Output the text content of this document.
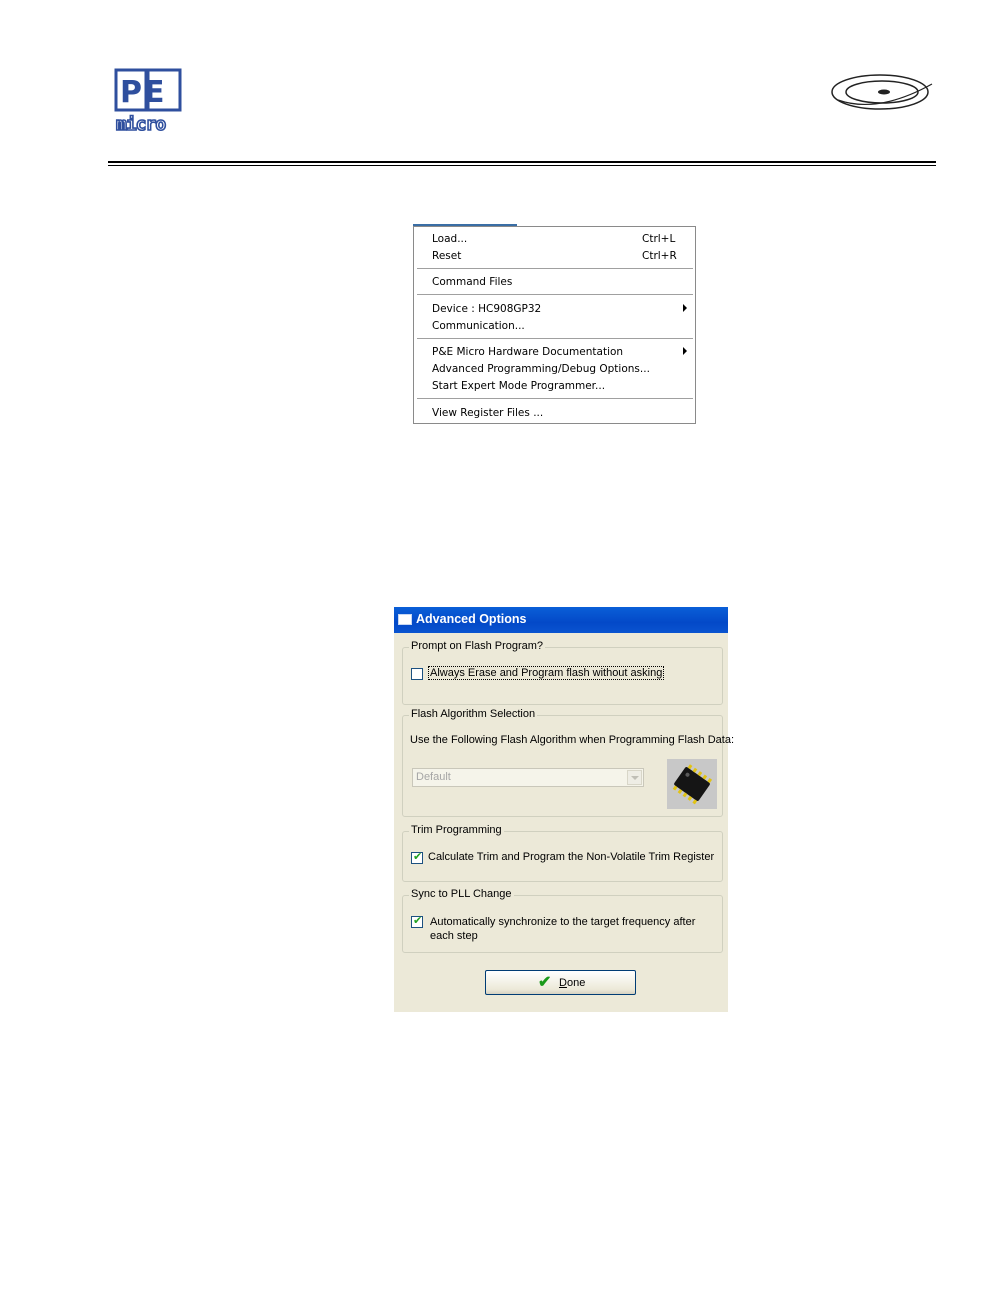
P E
micro
Load...	Ctrl+L
Reset	Ctrl+R
Command Files
Device : HC908GP32
Communication...
P&E Micro Hardware Documentation
Advanced Programming/Debug Options...
Start Expert Mode Programmer...
View Register Files ...
Advanced Options
Prompt on Flash Program?
Always Erase and Program flash without asking
Flash Algorithm Selection
Use the Following Flash Algorithm when Programming Flash Data:
Default
Trim Programming
✔ Calculate Trim and Program the Non-Volatile Trim Register
Sync to PLL Change
✔ Automatically synchronize to the target frequency after
each step
✔ Done
